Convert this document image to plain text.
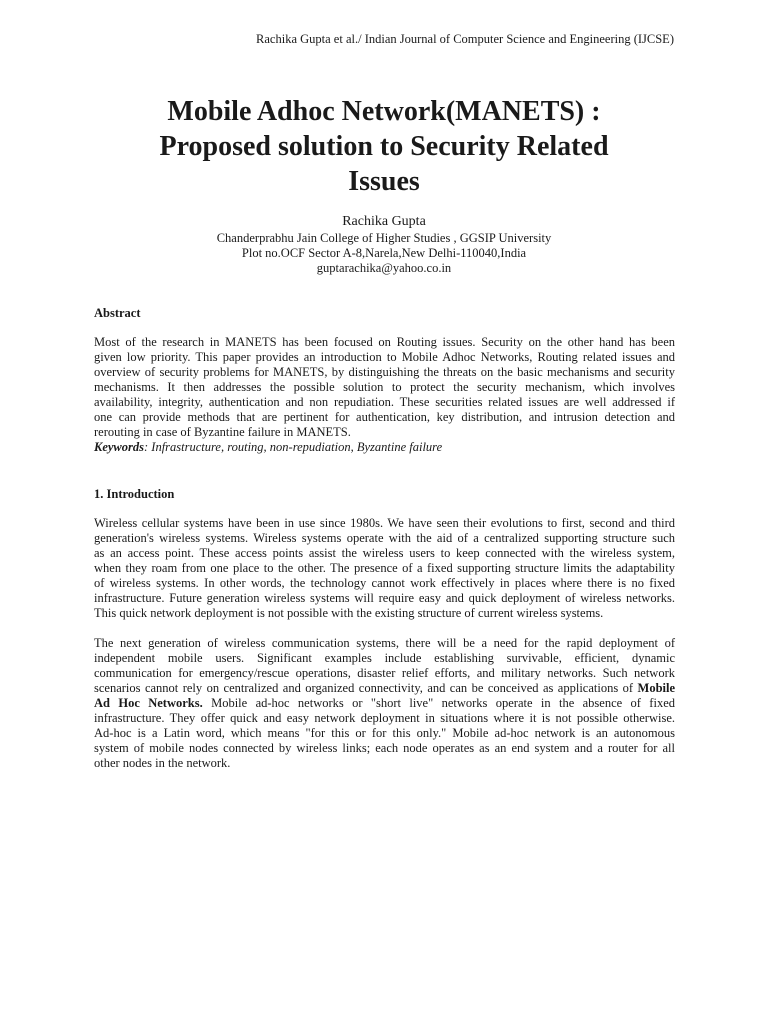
Rachika Gupta et al./ Indian Journal of Computer Science and Engineering (IJCSE)
Mobile Adhoc Network(MANETS) :
Proposed solution to Security Related
Issues
Rachika Gupta
Chanderprabhu Jain College of Higher Studies , GGSIP University
Plot no.OCF Sector A-8,Narela,New Delhi-110040,India
guptarachika@yahoo.co.in
Abstract

Most of the research in MANETS has been focused on Routing issues. Security on the other hand has been
given low priority. This paper provides an introduction to Mobile Adhoc Networks, Routing related issues and
overview of security problems for MANETS, by distinguishing the threats on the basic mechanisms and security
mechanisms. It then addresses the possible solution to protect the security mechanism, which involves
availability, integrity, authentication and non repudiation. These securities related issues are well addressed if
one can provide methods that are pertinent for authentication, key distribution, and intrusion detection and
rerouting in case of Byzantine failure in MANETS.

Keywords: Infrastructure, routing, non-repudiation, Byzantine failure
1. Introduction

Wireless cellular systems have been in use since 1980s. We have seen their evolutions to first, second and third
generation's wireless systems. Wireless systems operate with the aid of a centralized supporting structure such
as an access point. These access points assist the wireless users to keep connected with the wireless system,
when they roam from one place to the other. The presence of a fixed supporting structure limits the adaptability
of wireless systems. In other words, the technology cannot work effectively in places where there is no fixed
infrastructure. Future generation wireless systems will require easy and quick deployment of wireless networks.
This quick network deployment is not possible with the existing structure of current wireless systems.

The next generation of wireless communication systems, there will be a need for the rapid deployment of
independent mobile users. Significant examples include establishing survivable, efficient, dynamic
communication for emergency/rescue operations, disaster relief efforts, and military networks. Such network
scenarios cannot rely on centralized and organized connectivity, and can be conceived as applications of Mobile
Ad Hoc Networks. Mobile ad-hoc networks or "short live" networks operate in the absence of fixed
infrastructure. They offer quick and easy network deployment in situations where it is not possible otherwise.
Ad-hoc is a Latin word, which means "for this or for this only." Mobile ad-hoc network is an autonomous
system of mobile nodes connected by wireless links; each node operates as an end system and a router for all
other nodes in the network.
